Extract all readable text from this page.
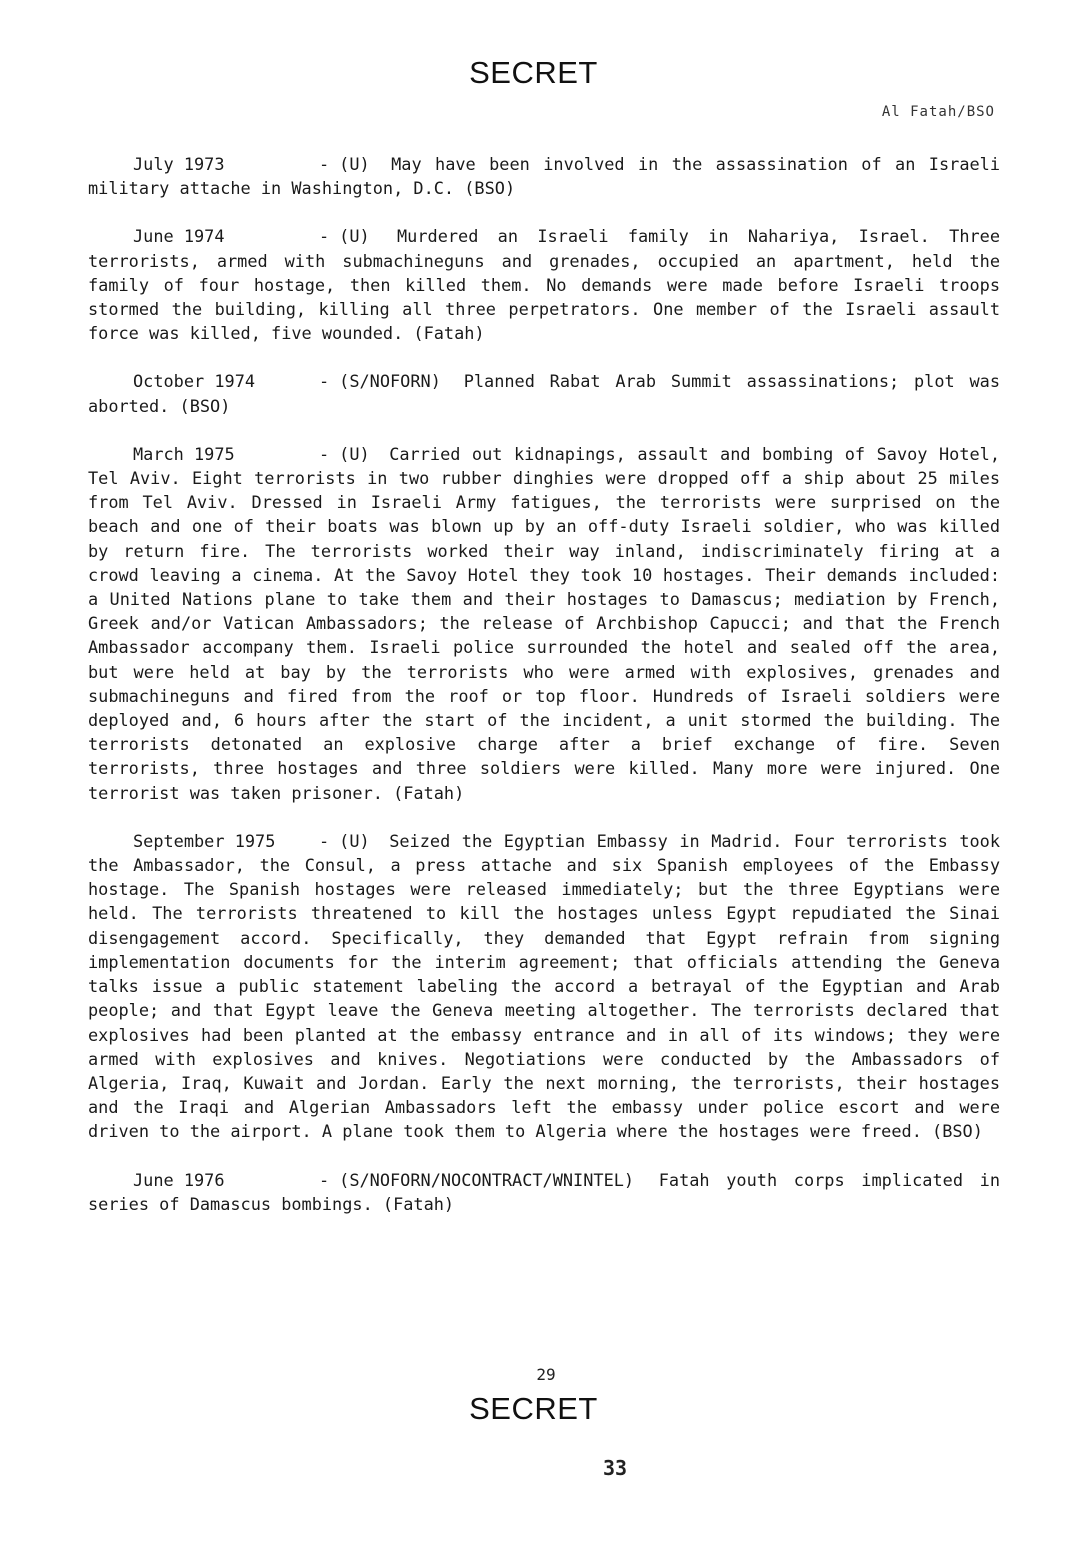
SECRET
Al Fatah/BSO

July 1973	- (U) May have been involved in the assassination of an Israeli military attache in Washington, D.C. (BSO)

June 1974	- (U) Murdered an Israeli family in Nahariya, Israel. Three terrorists, armed with submachineguns and grenades, occupied an apartment, held the family of four hostage, then killed them. No demands were made before Israeli troops stormed the building, killing all three perpetrators. One member of the Israeli assault force was killed, five wounded. (Fatah)

October 1974	- (S/NOFORN) Planned Rabat Arab Summit assassinations; plot was aborted. (BSO)

March 1975	- (U) Carried out kidnapings, assault and bombing of Savoy Hotel, Tel Aviv. Eight terrorists in two rubber dinghies were dropped off a ship about 25 miles from Tel Aviv. Dressed in Israeli Army fatigues, the terrorists were surprised on the beach and one of their boats was blown up by an off-duty Israeli soldier, who was killed by return fire. The terrorists worked their way inland, indiscriminately firing at a crowd leaving a cinema. At the Savoy Hotel they took 10 hostages. Their demands included: a United Nations plane to take them and their hostages to Damascus; mediation by French, Greek and/or Vatican Ambassadors; the release of Archbishop Capucci; and that the French Ambassador accompany them. Israeli police surrounded the hotel and sealed off the area, but were held at bay by the terrorists who were armed with explosives, grenades and submachineguns and fired from the roof or top floor. Hundreds of Israeli soldiers were deployed and, 6 hours after the start of the incident, a unit stormed the building. The terrorists detonated an explosive charge after a brief exchange of fire. Seven terrorists, three hostages and three soldiers were killed. Many more were injured. One terrorist was taken prisoner. (Fatah)

September 1975	- (U) Seized the Egyptian Embassy in Madrid. Four terrorists took the Ambassador, the Consul, a press attache and six Spanish employees of the Embassy hostage. The Spanish hostages were released immediately; but the three Egyptians were held. The terrorists threatened to kill the hostages unless Egypt repudiated the Sinai disengagement accord. Specifically, they demanded that Egypt refrain from signing implementation documents for the interim agreement; that officials attending the Geneva talks issue a public statement labeling the accord a betrayal of the Egyptian and Arab people; and that Egypt leave the Geneva meeting altogether. The terrorists declared that explosives had been planted at the embassy entrance and in all of its windows; they were armed with explosives and knives. Negotiations were conducted by the Ambassadors of Algeria, Iraq, Kuwait and Jordan. Early the next morning, the terrorists, their hostages and the Iraqi and Algerian Ambassadors left the embassy under police escort and were driven to the airport. A plane took them to Algeria where the hostages were freed. (BSO)

June 1976	- (S/NOFORN/NOCONTRACT/WNINTEL) Fatah youth corps implicated in series of Damascus bombings. (Fatah)

29
SECRET
33
